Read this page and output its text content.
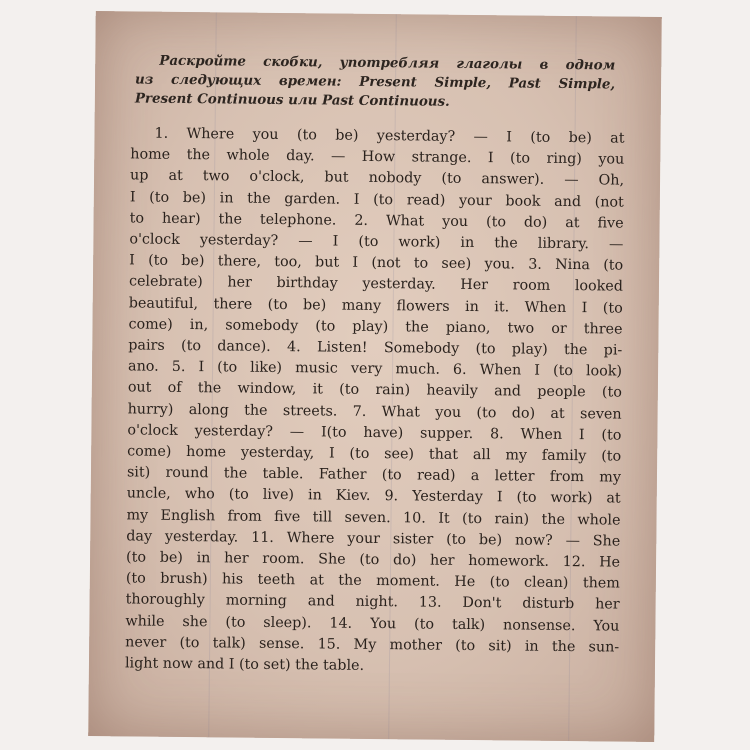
Раскройте скобки, употребляя глаголы в одном
из следующих времен: Present Simple, Past Simple,
Present Continuous или Past Continuous.
1. Where you (to be) yesterday? — I (to be) at
home the whole day. — How strange. I (to ring) you
up at two o'clock, but nobody (to answer). — Oh,
I (to be) in the garden. I (to read) your book and (not
to hear) the telephone. 2. What you (to do) at five
o'clock yesterday? — I (to work) in the library. —
I (to be) there, too, but I (not to see) you. 3. Nina (to
celebrate) her birthday yesterday. Her room looked
beautiful, there (to be) many flowers in it. When I (to
come) in, somebody (to play) the piano, two or three
pairs (to dance). 4. Listen! Somebody (to play) the pi-
ano. 5. I (to like) music very much. 6. When I (to look)
out of the window, it (to rain) heavily and people (to
hurry) along the streets. 7. What you (to do) at seven
o'clock yesterday? — I(to have) supper. 8. When I (to
come) home yesterday, I (to see) that all my family (to
sit) round the table. Father (to read) a letter from my
uncle, who (to live) in Kiev. 9. Yesterday I (to work) at
my English from five till seven. 10. It (to rain) the whole
day yesterday. 11. Where your sister (to be) now? — She
(to be) in her room. She (to do) her homework. 12. He
(to brush) his teeth at the moment. He (to clean) them
thoroughly morning and night. 13. Don't disturb her
while she (to sleep). 14. You (to talk) nonsense. You
never (to talk) sense. 15. My mother (to sit) in the sun-
light now and I (to set) the table.
